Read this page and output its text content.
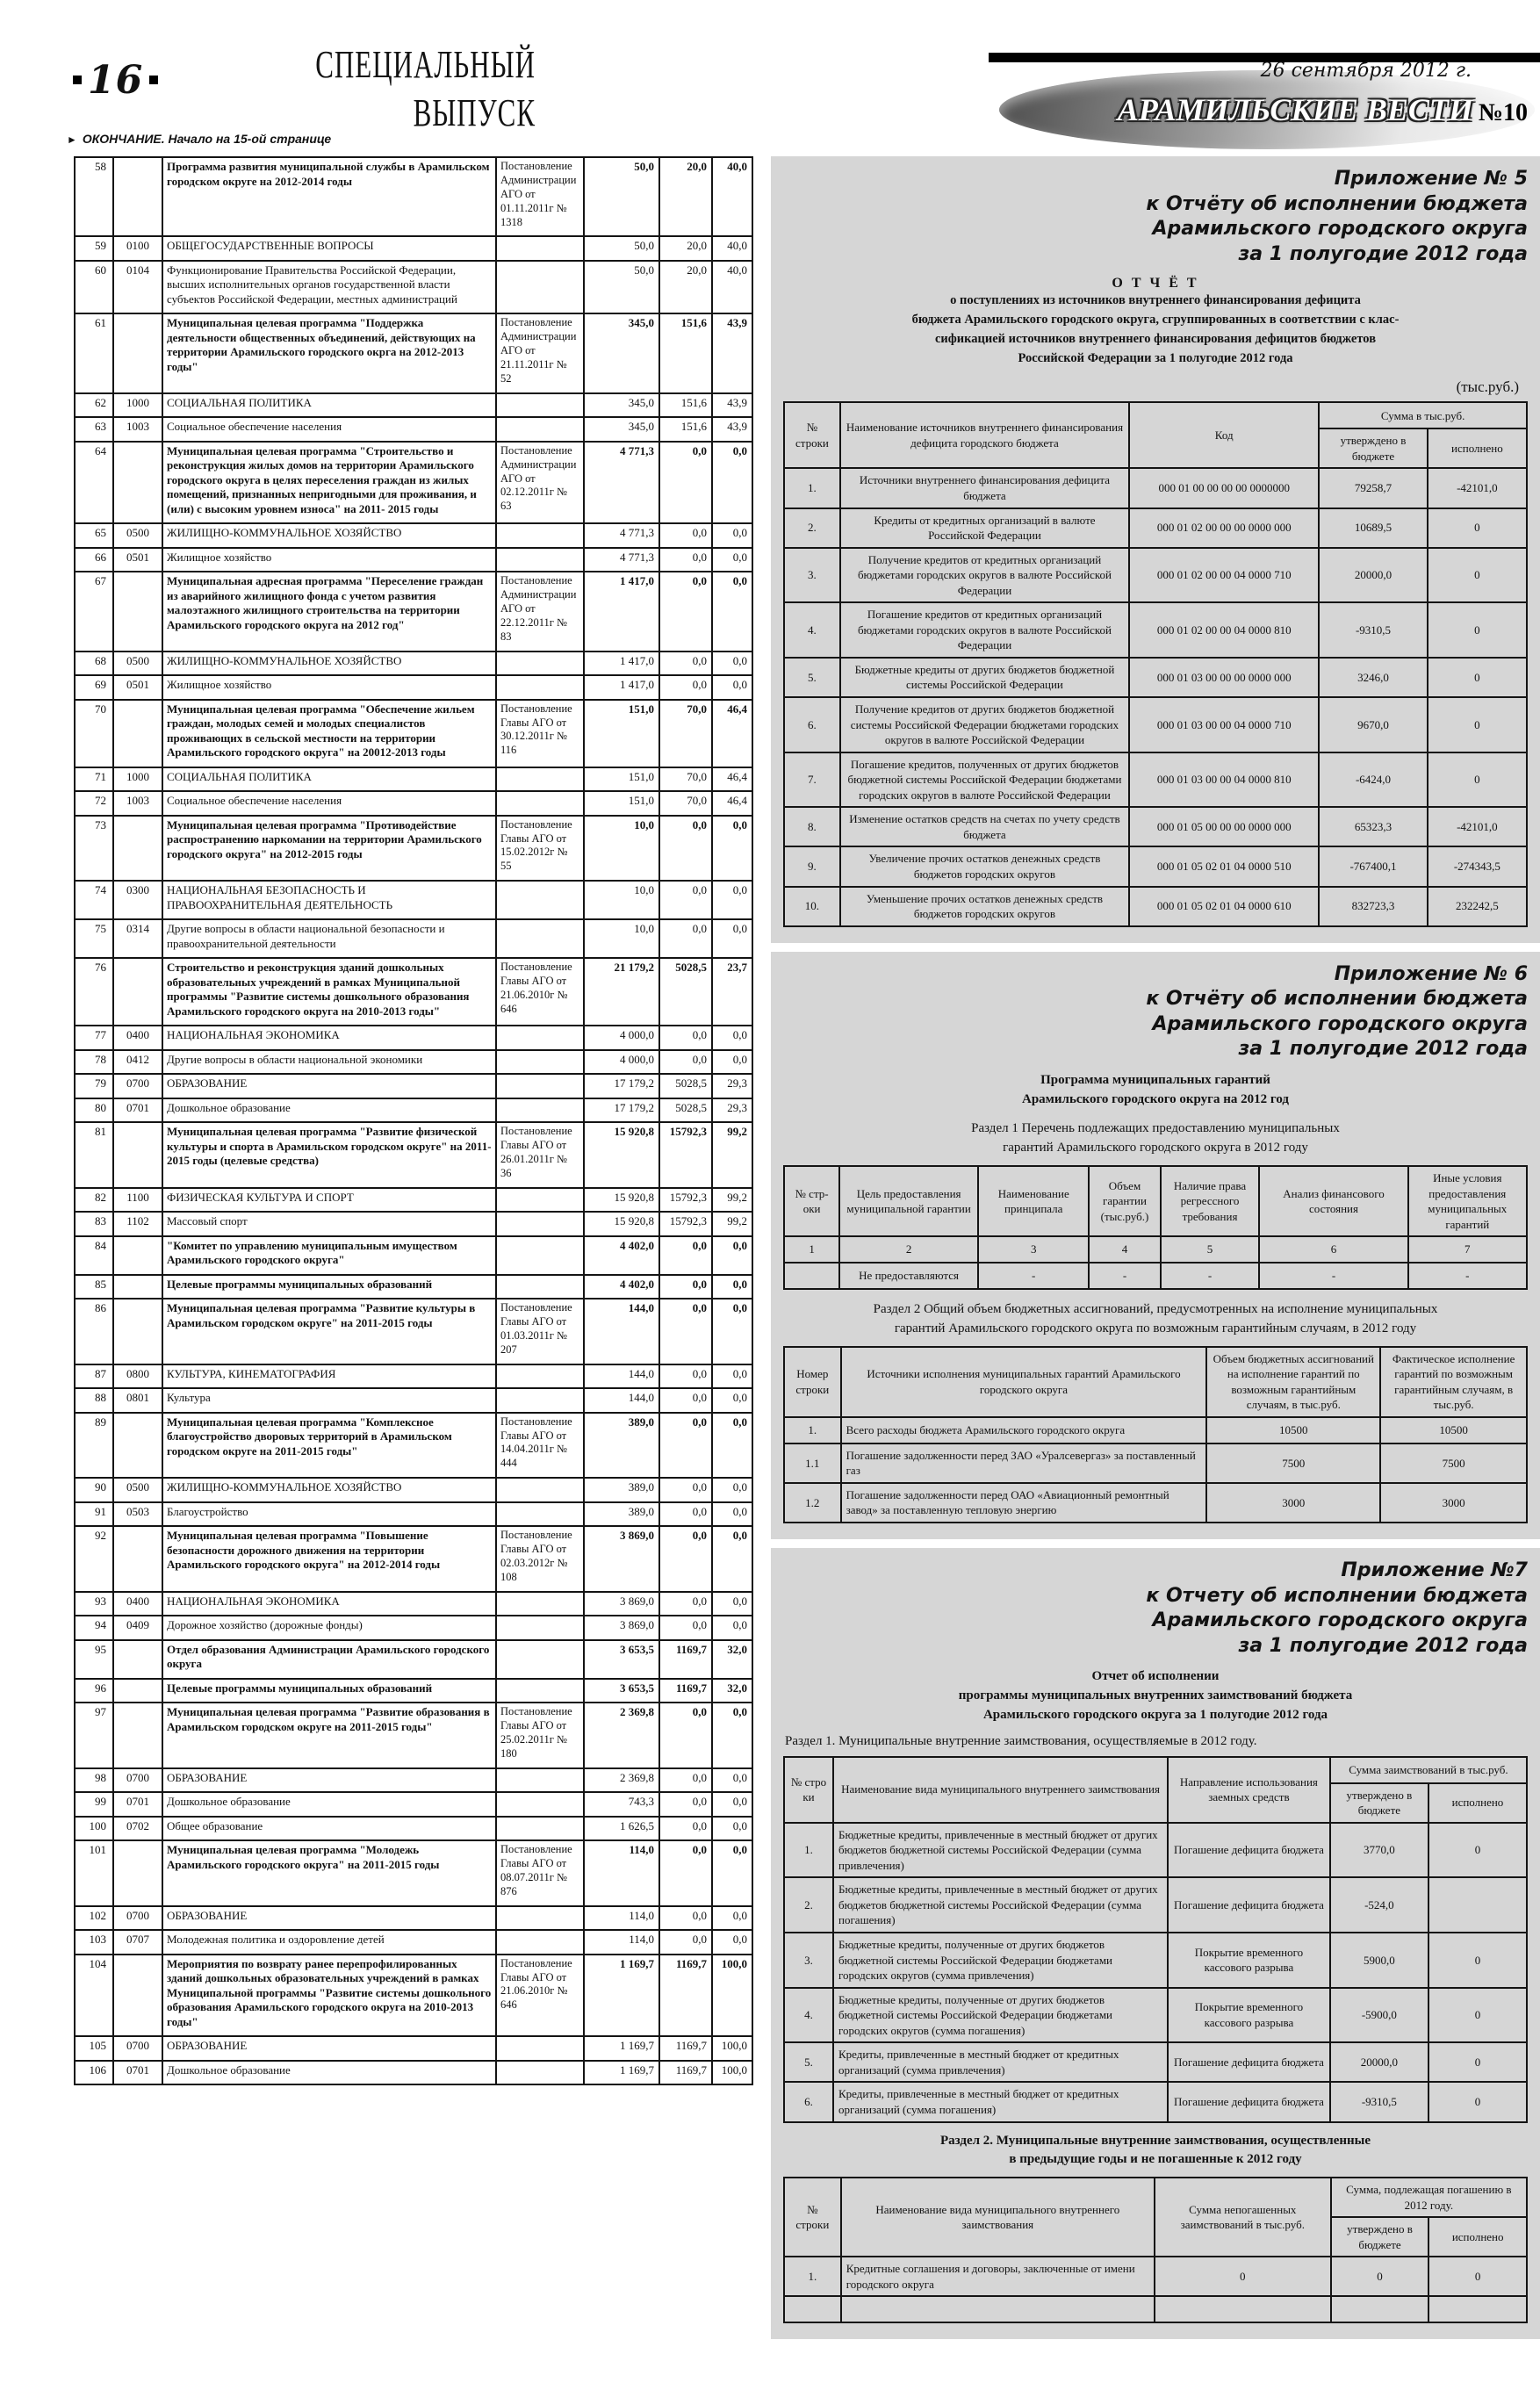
16	СПЕЦИАЛЬНЫЙ
ВЫПУСК
26 сентября 2012 г.
АРАМИЛЬСКИЕ ВЕСТИ №10
► ОКОНЧАНИЕ. Начало на 15-ой странице
58		Программа развития муниципальной службы в Арамильском городском округе на 2012-2014 годы	Постановление Администрации АГО от 01.11.2011г № 1318	50,0	20,0	40,0
59	0100	ОБЩЕГОСУДАРСТВЕННЫЕ ВОПРОСЫ		50,0	20,0	40,0
60	0104	Функционирование Правительства Российской Федерации, высших исполнительных органов государственной власти субъектов Российской Федерации, местных администраций		50,0	20,0	40,0
61		Муниципальная целевая программа "Поддержка деятельности общественных объединений, действующих на территории Арамильского городского окрга на 2012-2013 годы"	Постановление Администрации АГО от 21.11.2011г № 52	345,0	151,6	43,9
62	1000	СОЦИАЛЬНАЯ ПОЛИТИКА		345,0	151,6	43,9
63	1003	Социальное обеспечение населения		345,0	151,6	43,9
64		Муниципальная целевая программа "Строительство и реконструкция жилых домов на территории Арамильского городского округа в целях переселения граждан из жилых помещений, признанных непригодными для проживания, и (или) с высоким уровнем износа" на 2011- 2015 годы	Постановление Администрации АГО от 02.12.2011г № 63	4 771,3	0,0	0,0
65	0500	ЖИЛИЩНО-КОММУНАЛЬНОЕ ХОЗЯЙСТВО		4 771,3	0,0	0,0
66	0501	Жилищное хозяйство		4 771,3	0,0	0,0
67		Муниципальная адресная программа "Переселение граждан из аварийного жилищного фонда с учетом развития малоэтажного жилищного строительства на территории Арамильского городского округа на 2012 год"	Постановление Администрации АГО от 22.12.2011г № 83	1 417,0	0,0	0,0
68	0500	ЖИЛИЩНО-КОММУНАЛЬНОЕ ХОЗЯЙСТВО		1 417,0	0,0	0,0
69	0501	Жилищное хозяйство		1 417,0	0,0	0,0
70		Муниципальная целевая программа "Обеспечение жильем граждан, молодых семей и молодых специалистов проживающих в сельской местности на территории Арамильского городского округа" на 20012-2013 годы	Постановление Главы АГО от 30.12.2011г № 116	151,0	70,0	46,4
71	1000	СОЦИАЛЬНАЯ ПОЛИТИКА		151,0	70,0	46,4
72	1003	Социальное обеспечение населения		151,0	70,0	46,4
73		Муниципальная целевая программа "Противодействие распространению наркомании на территории Арамильского городского округа" на 2012-2015 годы	Постановление Главы АГО от 15.02.2012г № 55	10,0	0,0	0,0
74	0300	НАЦИОНАЛЬНАЯ БЕЗОПАСНОСТЬ И ПРАВООХРАНИТЕЛЬНАЯ ДЕЯТЕЛЬНОСТЬ		10,0	0,0	0,0
75	0314	Другие вопросы в области национальной безопасности и правоохранительной деятельности		10,0	0,0	0,0
76		Строительство и реконструкция зданий дошкольных образовательных учреждений в рамках Муниципальной программы "Развитие системы дошкольного образования Арамильского городского округа на 2010-2013 годы"	Постановление Главы АГО от 21.06.2010г № 646	21 179,2	5028,5	23,7
77	0400	НАЦИОНАЛЬНАЯ ЭКОНОМИКА		4 000,0	0,0	0,0
78	0412	Другие вопросы в области национальной экономики		4 000,0	0,0	0,0
79	0700	ОБРАЗОВАНИЕ		17 179,2	5028,5	29,3
80	0701	Дошкольное образование		17 179,2	5028,5	29,3
81		Муниципальная целевая программа "Развитие физической культуры и спорта в Арамильском городском округе" на 2011-2015 годы (целевые средства)	Постановление Главы АГО от 26.01.2011г № 36	15 920,8	15792,3	99,2
82	1100	ФИЗИЧЕСКАЯ КУЛЬТУРА И СПОРТ		15 920,8	15792,3	99,2
83	1102	Массовый спорт		15 920,8	15792,3	99,2
84		"Комитет по управлению муниципальным имуществом Арамильского городского округа"		4 402,0	0,0	0,0
85		Целевые программы муниципальных образований		4 402,0	0,0	0,0
86		Муниципальная целевая программа "Развитие культуры в Арамильском городском округе" на 2011-2015 годы	Постановление Главы АГО от 01.03.2011г № 207	144,0	0,0	0,0
87	0800	КУЛЬТУРА, КИНЕМАТОГРАФИЯ		144,0	0,0	0,0
88	0801	Культура		144,0	0,0	0,0
89		Муниципальная целевая программа "Комплексное благоустройство дворовых территорий в Арамильском городском округе на 2011-2015 годы"	Постановление Главы АГО от 14.04.2011г № 444	389,0	0,0	0,0
90	0500	ЖИЛИЩНО-КОММУНАЛЬНОЕ ХОЗЯЙСТВО		389,0	0,0	0,0
91	0503	Благоустройство		389,0	0,0	0,0
92		Муниципальная целевая программа "Повышение безопасности дорожного движения на территории Арамильского городского округа" на 2012-2014 годы	Постановление Главы АГО от 02.03.2012г № 108	3 869,0	0,0	0,0
93	0400	НАЦИОНАЛЬНАЯ ЭКОНОМИКА		3 869,0	0,0	0,0
94	0409	Дорожное хозяйство (дорожные фонды)		3 869,0	0,0	0,0
95		Отдел образования Администрации Арамильского городского округа		3 653,5	1169,7	32,0
96		Целевые программы муниципальных образований		3 653,5	1169,7	32,0
97		Муниципальная целевая программа "Развитие образования в Арамильском городском округе на 2011-2015 годы"	Постановление Главы АГО от 25.02.2011г № 180	2 369,8	0,0	0,0
98	0700	ОБРАЗОВАНИЕ		2 369,8	0,0	0,0
99	0701	Дошкольное образование		743,3	0,0	0,0
100	0702	Общее образование		1 626,5	0,0	0,0
101		Муниципальная целевая программа "Молодежь Арамильского городского округа" на 2011-2015 годы	Постановление Главы АГО от 08.07.2011г № 876	114,0	0,0	0,0
102	0700	ОБРАЗОВАНИЕ		114,0	0,0	0,0
103	0707	Молодежная политика и оздоровление детей		114,0	0,0	0,0
104		Мероприятия по возврату ранее перепрофилированных зданий дошкольных образовательных учреждений в рамках Муниципальной программы "Развитие системы дошкольного образования Арамильского городского округа на 2010-2013 годы"	Постановление Главы АГО от 21.06.2010г № 646	1 169,7	1169,7	100,0
105	0700	ОБРАЗОВАНИЕ		1 169,7	1169,7	100,0
106	0701	Дошкольное образование		1 169,7	1169,7	100,0
Приложение № 5
к Отчёту об исполнении бюджета
Арамильского городского округа
за 1 полугодие 2012 года
О Т Ч Ё Т
о поступлениях из источников внутреннего финансирования дефицита
бюджета Арамильского городского округа, сгруппированных в соответствии с клас-
сификацией источников внутреннего финансирования дефицитов бюджетов
Российской Федерации за 1 полугодие 2012 года
(тыс.руб.)
№ строки	Наименование источников внутреннего финансирования дефицита городского бюджета	Код	Сумма в тыс.руб.	
			утверждено в бюджете	исполнено
1.	Источники внутреннего финансирования дефицита бюджета	000 01 00 00 00 00 0000000	79258,7	-42101,0
2.	Кредиты от кредитных организаций в валюте Российской Федерации	000 01 02 00 00 00 0000 000	10689,5	0
3.	Получение кредитов от кредитных организаций бюджетами городских округов в валюте Российской Федерации	000 01 02 00 00 04 0000 710	20000,0	0
4.	Погашение кредитов от кредитных организаций бюджетами городских округов в валюте Российской Федерации	000 01 02 00 00 04 0000 810	-9310,5	0
5.	Бюджетные кредиты от других бюджетов бюджетной системы Российской Федерации	000 01 03 00 00 00 0000 000	3246,0	0
6.	Получение кредитов от других бюджетов бюджетной системы Российской Федерации бюджетами городских округов в валюте Российской Федерации	000 01 03 00 00 04 0000 710	9670,0	0
7.	Погашение кредитов, полученных от других бюджетов бюджетной системы Российской Федерации бюджетами городских округов в валюте Российской Федерации	000 01 03 00 00 04 0000 810	-6424,0	0
8.	Изменение остатков средств на счетах по учету средств бюджета	000 01 05 00 00 00 0000 000	65323,3	-42101,0
9.	Увеличение прочих остатков денежных средств бюджетов городских округов	000 01 05 02 01 04 0000 510	-767400,1	-274343,5
10.	Уменьшение прочих остатков денежных средств бюджетов городских округов	000 01 05 02 01 04 0000 610	832723,3	232242,5
Приложение № 6
к Отчёту об исполнении бюджета
Арамильского городского округа
за 1 полугодие 2012 года
Программа муниципальных гарантий
Арамильского городского округа на 2012 год
Раздел 1 Перечень подлежащих предоставлению муниципальных
гарантий Арамильского городского округа в 2012 году
№ стр-оки	Цель предоставления муниципальной гарантии	Наименование принципала	Объем гарантии (тыс.руб.)	Наличие права регрессного требования	Анализ финансового состояния	Иные условия предоставления муниципальных гарантий
1	2	3	4	5	6	7
	Не предоставляются	-	-	-	-	-
Раздел 2 Общий объем бюджетных ассигнований, предусмотренных на исполнение муниципальных
гарантий Арамильского городского округа по возможным гарантийным случаям, в 2012 году
Номер строки	Источники исполнения муниципальных гарантий Арамильского городского округа	Объем бюджетных ассигнований на исполнение гарантий по возможным гарантийным случаям, в тыс.руб.	Фактическое исполнение гарантий по возможным гарантийным случаям, в тыс.руб.
1.	Всего расходы бюджета Арамильского городского округа	10500	10500
1.1	Погашение задолженности перед ЗАО «Уралсевергаз» за поставленный газ	7500	7500
1.2	Погашение задолженности перед ОАО «Авиационный ремонтный завод» за поставленную тепловую энергию	3000	3000
Приложение №7
к Отчету об исполнении бюджета
Арамильского городского округа
за 1 полугодие 2012 года
Отчет об исполнении
программы муниципальных внутренних заимствований бюджета
Арамильского городского округа за 1 полугодие 2012 года
Раздел 1. Муниципальные внутренние заимствования, осуществляемые в 2012 году.
№ стро ки	Наименование вида муниципального внутреннего заимствования	Направление использования заемных средств	Сумма заимствований в тыс.руб.	
			утверждено в бюджете	исполнено
1.	Бюджетные кредиты, привлеченные в местный бюджет от других бюджетов бюджетной системы Российской Федерации (сумма привлечения)	Погашение дефицита бюджета	3770,0	0
2.	Бюджетные кредиты, привлеченные в местный бюджет от других бюджетов бюджетной системы Российской Федерации (сумма погашения)	Погашение дефицита бюджета	-524,0	
3.	Бюджетные кредиты, полученные от других бюджетов бюджетной системы Российской Федерации бюджетами городских округов (сумма привлечения)	Покрытие временного кассового разрыва	5900,0	0
4.	Бюджетные кредиты, полученные от других бюджетов бюджетной системы Российской Федерации бюджетами городских округов (сумма погашения)	Покрытие временного кассового разрыва	-5900,0	0
5.	Кредиты, привлеченные в местный бюджет от кредитных организаций (сумма привлечения)	Погашение дефицита бюджета	20000,0	0
6.	Кредиты, привлеченные в местный бюджет от кредитных организаций (сумма погашения)	Погашение дефицита бюджета	-9310,5	0
Раздел 2. Муниципальные внутренние заимствования, осуществленные
в предыдущие годы и не погашенные к 2012 году
№ строки	Наименование вида муниципального внутреннего заимствования	Сумма непогашенных заимствований в тыс.руб.	Сумма, подлежащая погашению в 2012 году.	
			утверждено в бюджете	исполнено
1.	Кредитные соглашения и договоры, заключенные от имени городского округа	0	0	0
